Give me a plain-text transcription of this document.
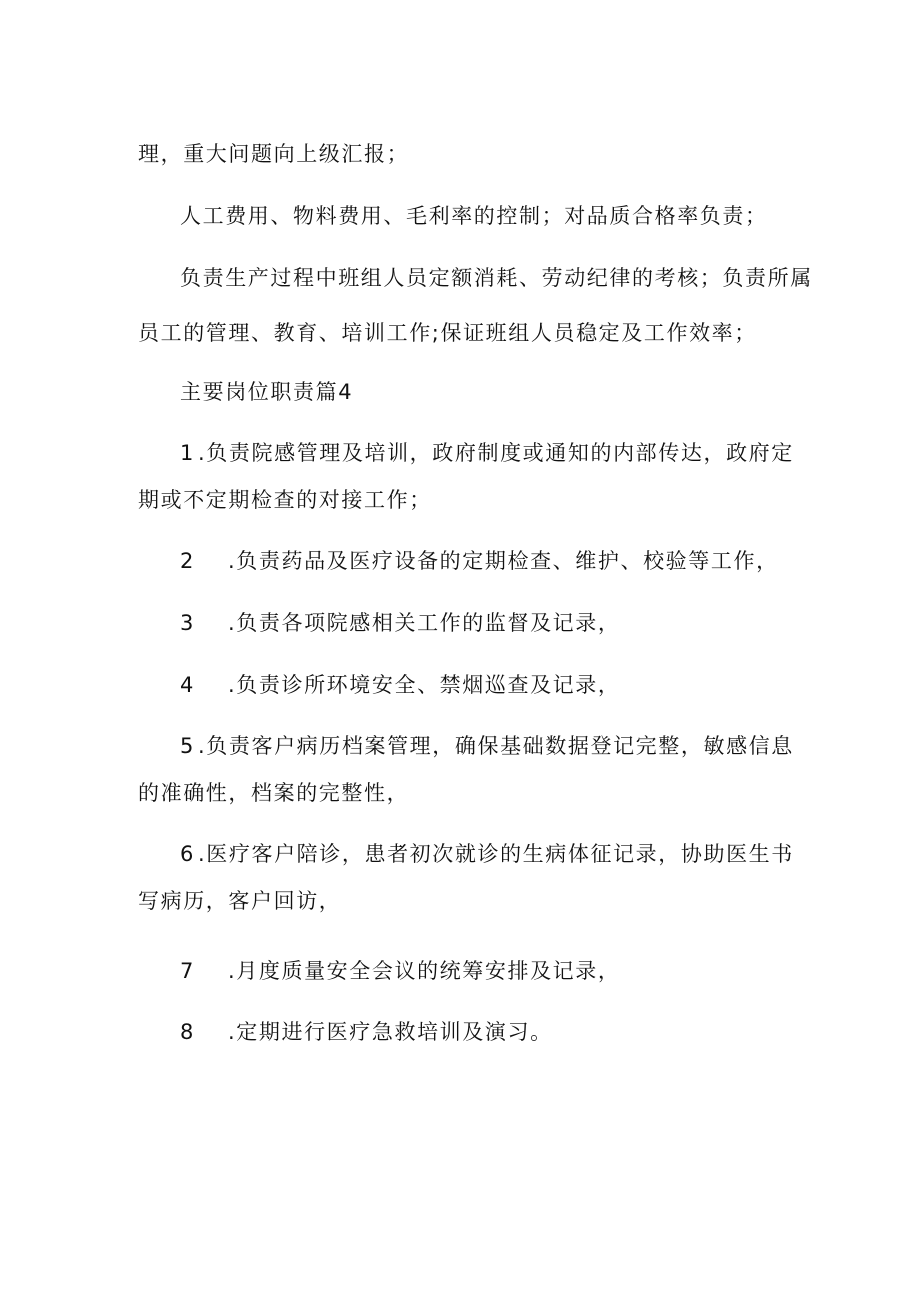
理，重大问题向上级汇报；
人工费用、物料费用、毛利率的控制；对品质合格率负责；
负责生产过程中班组人员定额消耗、劳动纪律的考核；负责所属
员工的管理、教育、培训工作;保证班组人员稳定及工作效率；
主要岗位职责篇4
1 .负责院感管理及培训，政府制度或通知的内部传达，政府定
期或不定期检查的对接工作；
2 .负责药品及医疗设备的定期检查、维护、校验等工作，
3 .负责各项院感相关工作的监督及记录，
4 .负责诊所环境安全、禁烟巡查及记录，
5 .负责客户病历档案管理，确保基础数据登记完整，敏感信息
的准确性，档案的完整性，
6 .医疗客户陪诊，患者初次就诊的生病体征记录，协助医生书
写病历，客户回访，
7 .月度质量安全会议的统筹安排及记录，
8 .定期进行医疗急救培训及演习。
